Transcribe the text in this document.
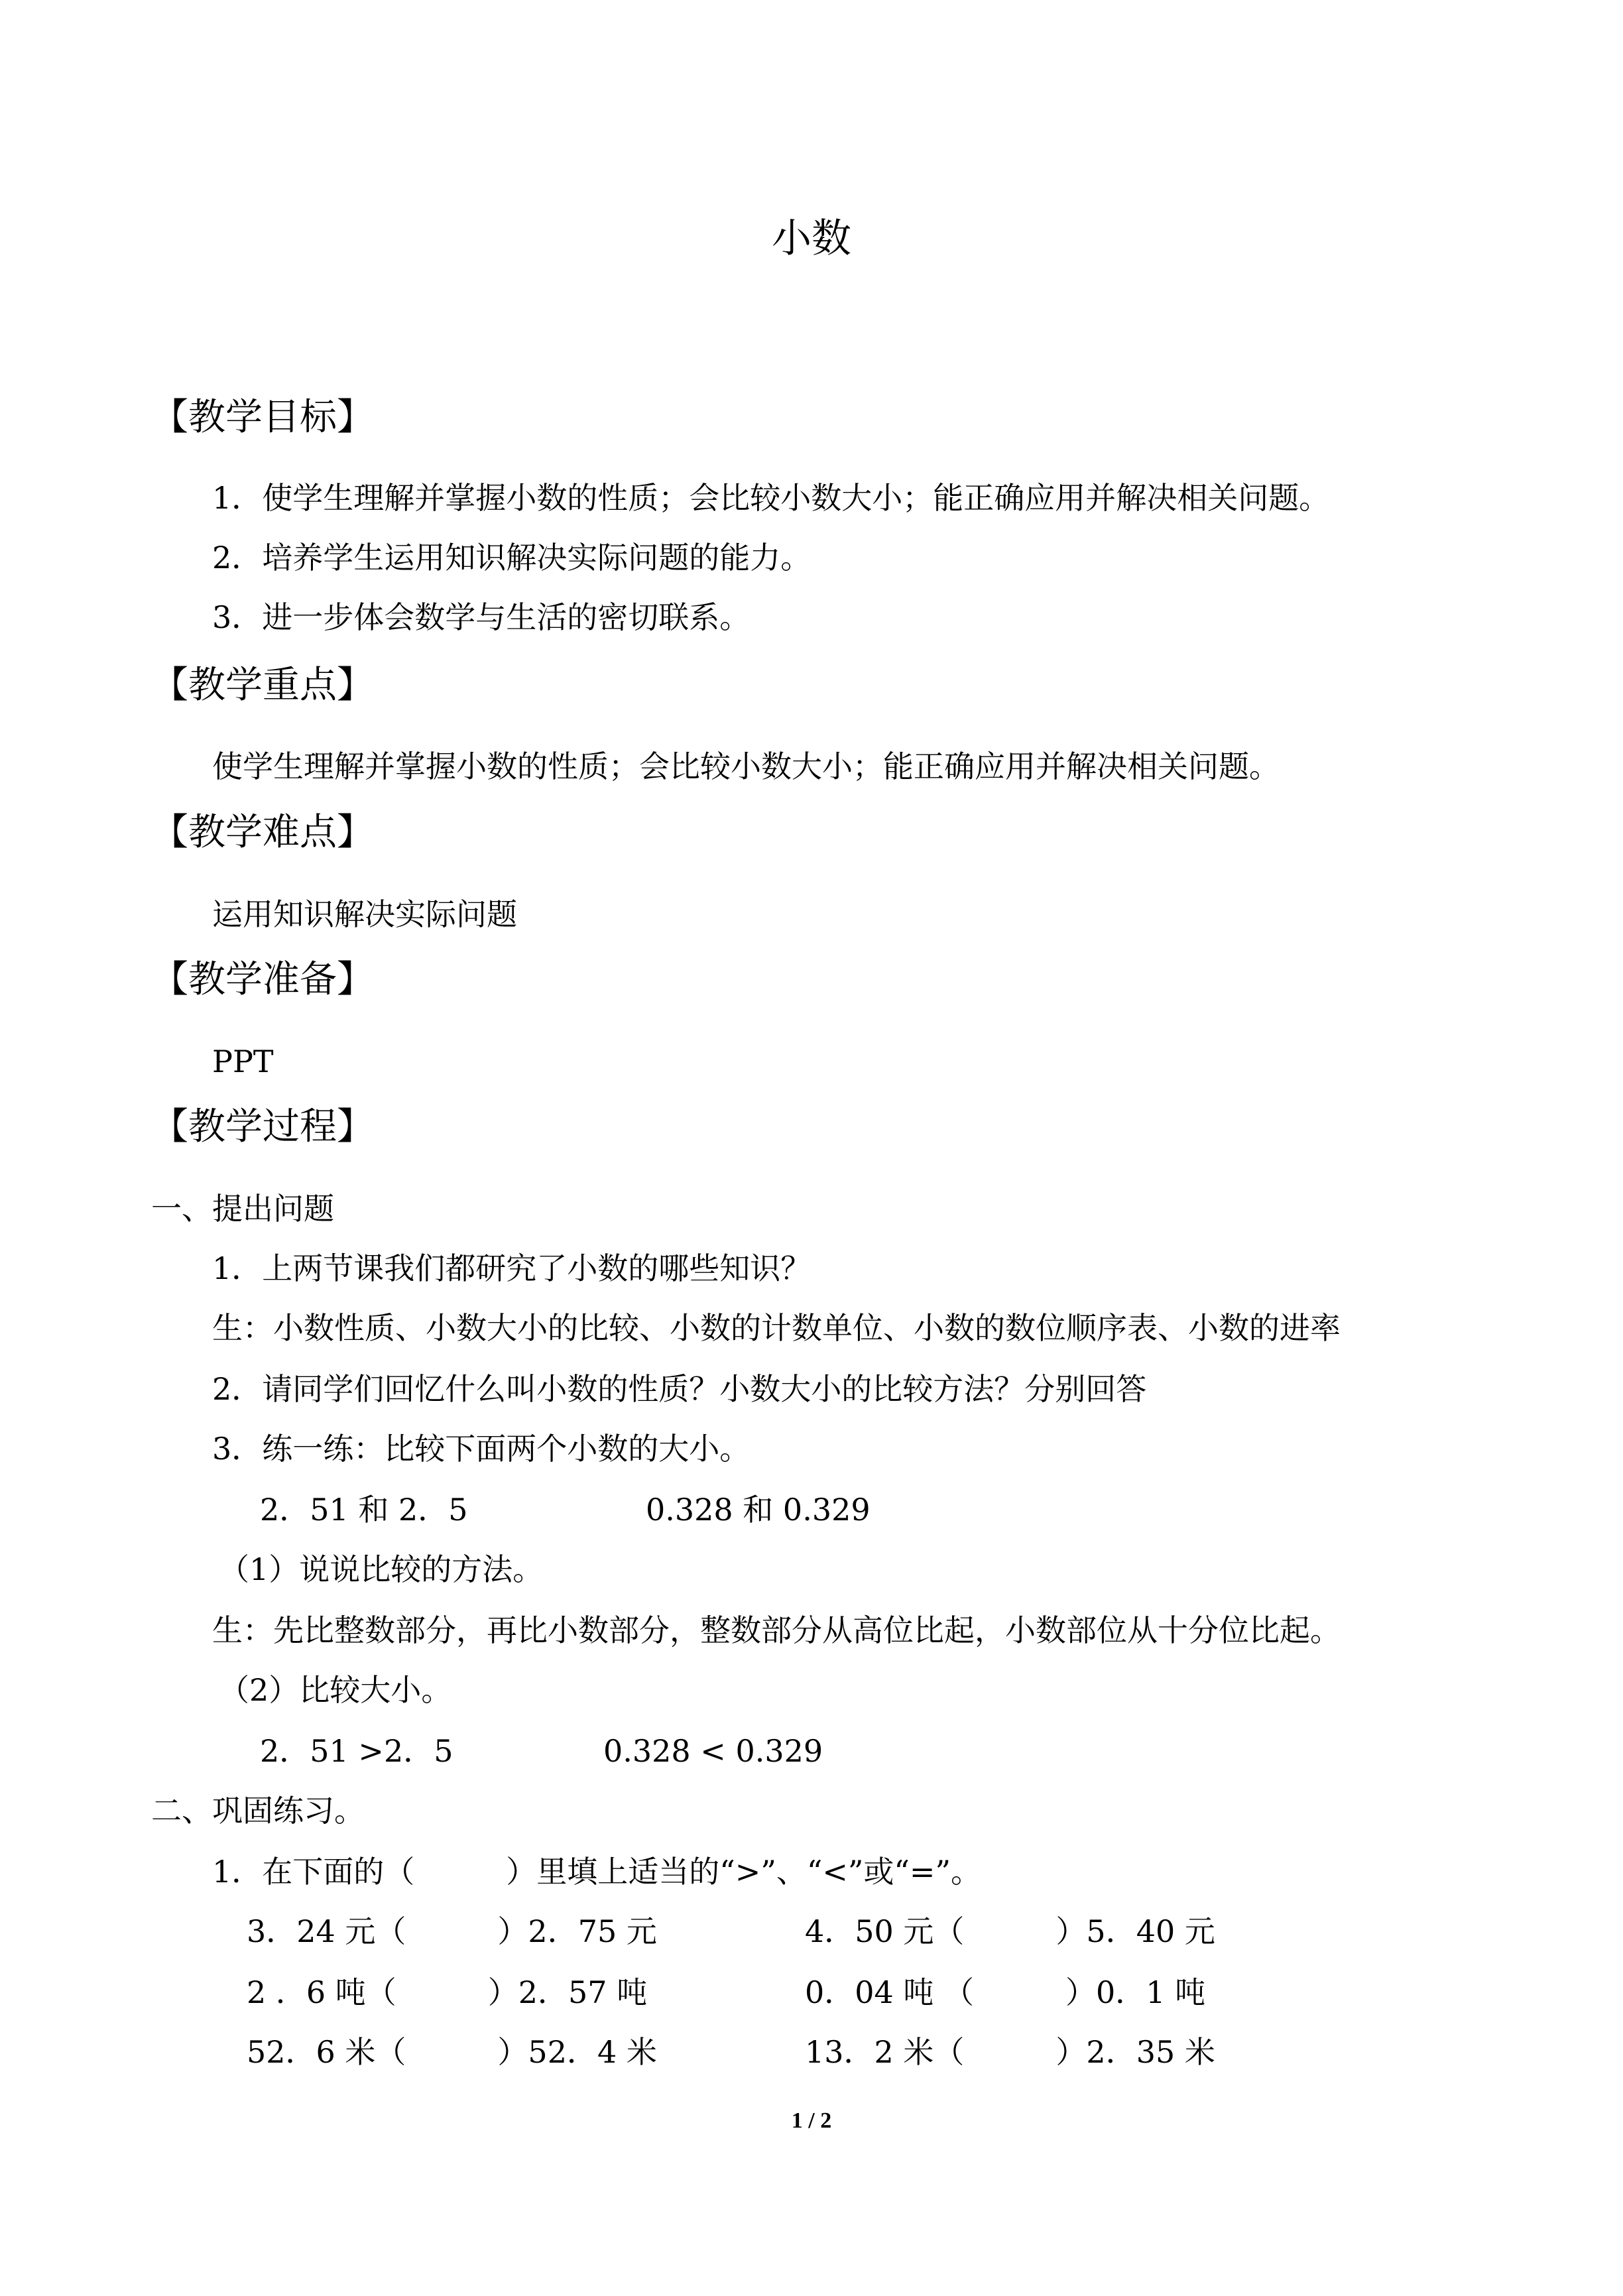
小数
【教学目标】
1．使学生理解并掌握小数的性质；会比较小数大小；能正确应用并解决相关问题。
2．培养学生运用知识解决实际问题的能力。
3．进一步体会数学与生活的密切联系。
【教学重点】
使学生理解并掌握小数的性质；会比较小数大小；能正确应用并解决相关问题。
【教学难点】
运用知识解决实际问题
【教学准备】
PPT
【教学过程】
一、提出问题
1．上两节课我们都研究了小数的哪些知识？
生：小数性质、小数大小的比较、小数的计数单位、小数的数位顺序表、小数的进率
2．请同学们回忆什么叫小数的性质？小数大小的比较方法？分别回答
3．练一练：比较下面两个小数的大小。
2．51 和 2．5	0.328 和 0.329
（1）说说比较的方法。
生：先比整数部分，再比小数部分，整数部分从高位比起，小数部位从十分位比起。
（2）比较大小。
2．51 >2．5	0.328 < 0.329
二、巩固练习。
1．在下面的（　　　）里填上适当的“>”、“<”或“=”。
3．24 元（　　　）2．75 元	4．50 元（　　　）5．40 元
2 ．6 吨（　　　）2．57 吨	0．04 吨 （　　　）0．1 吨
52．6 米（　　　）52．4 米	13．2 米（　　　）2．35 米
1 / 2
